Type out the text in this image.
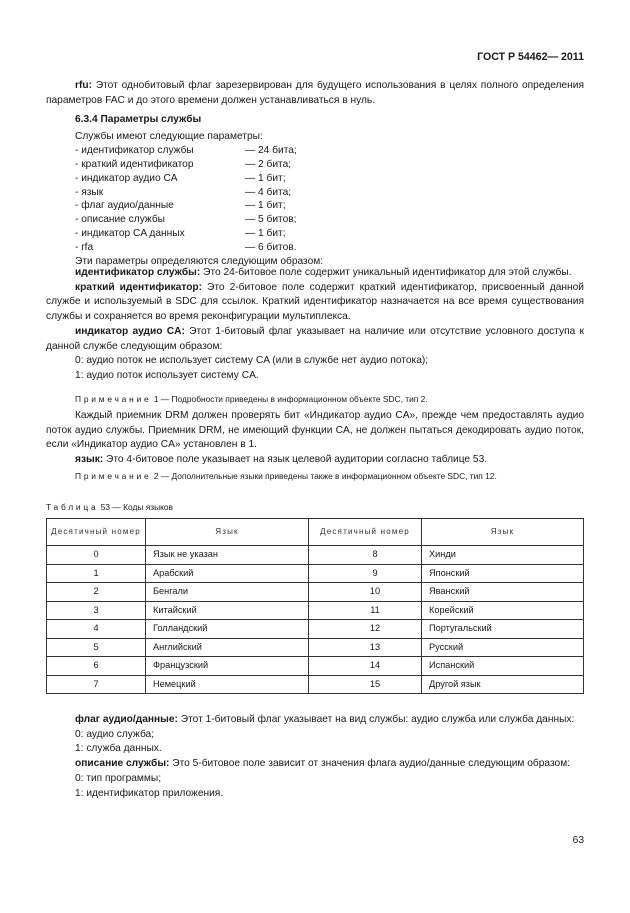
ГОСТ Р 54462— 2011

rfu: Этот однобитовый флаг зарезервирован для будущего использования в целях полного определения параметров FAC и до этого времени должен устанавливаться в нуль.

6.3.4 Параметры службы
Службы имеют следующие параметры:
- идентификатор службы	— 24 бита;
- краткий идентификатор	— 2 бита;
- индикатор аудио CA	— 1 бит;
- язык	— 4 бита;
- флаг аудио/данные	— 1 бит;
- описание службы	— 5 битов;
- индикатор CA данных	— 1 бит;
- rfa	— 6 битов.
Эти параметры определяются следующим образом:

идентификатор службы: Это 24-битовое поле содержит уникальный идентификатор для этой службы.

краткий идентификатор: Это 2-битовое поле содержит краткий идентификатор, присвоенный данной службе и используемый в SDC для ссылок. Краткий идентификатор назначается на все время существования службы и сохраняется во время реконфигурации мультиплекса.

индикатор аудио CA: Этот 1-битовый флаг указывает на наличие или отсутствие условного доступа к данной службе следующим образом:

0: аудио поток не использует систему CA (или в службе нет аудио потока);

1: аудио поток использует систему CA.

Примечание 1 — Подробности приведены в информационном объекте SDC, тип 2.

Каждый приемник DRM должен проверять бит «Индикатор аудио CA», прежде чем предоставлять аудио поток аудио службы. Приемник DRM, не имеющий функции CA, не должен пытаться декодировать аудио поток, если «Индикатор аудио CA» установлен в 1.

язык: Это 4-битовое поле указывает на язык целевой аудитории согласно таблице 53.

Примечание 2 — Дополнительные языки приведены также в информационном объекте SDC, тип 12.

Таблица 53 — Коды языков
Десятичный номер	Язык	Десятичный номер	Язык
0	Язык не указан	8	Хинди
1	Арабский	9	Японский
2	Бенгали	10	Яванский
3	Китайский	11	Корейский
4	Голландский	12	Португальский
5	Английский	13	Русский
6	Французский	14	Испанский
7	Немецкий	15	Другой язык

флаг аудио/данные: Этот 1-битовый флаг указывает на вид службы: аудио служба или служба данных:

0: аудио служба;

1: служба данных.

описание службы: Это 5-битовое поле зависит от значения флага аудио/данные следующим образом:

0: тип программы;

1: идентификатор приложения.

63
